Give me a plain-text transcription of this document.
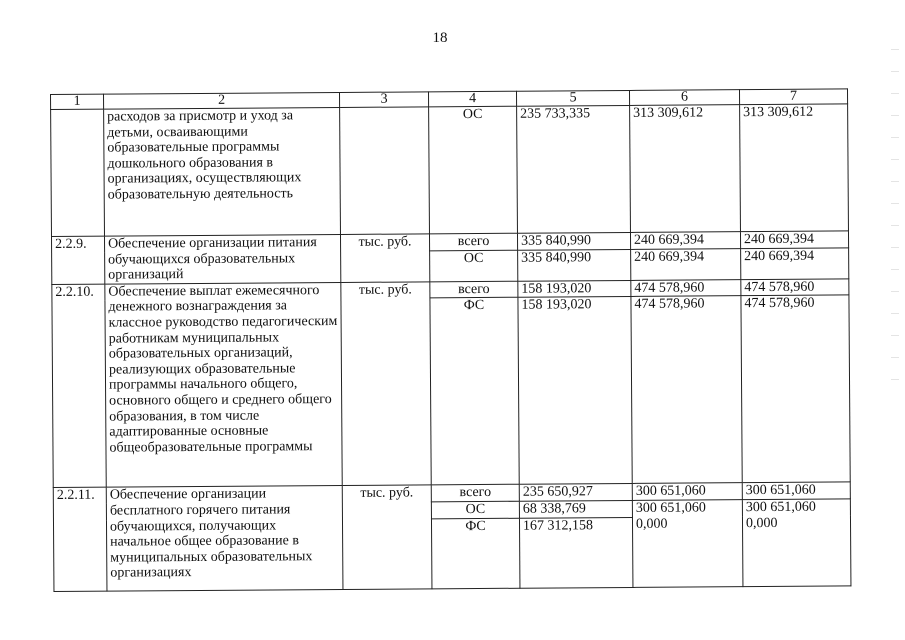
18
1	2	3	4	5	6	7
	расходов за присмотр и уход за детьми, осваивающими образовательные программы дошкольного образования в организациях, осуществляющих образовательную деятельность		ОС	235 733,335	313 309,612	313 309,612
2.2.9.	Обеспечение организации питания обучающихся образовательных организаций	тыс. руб.	всего	335 840,990	240 669,394	240 669,394
			ОС	335 840,990	240 669,394	240 669,394
2.2.10.	Обеспечение выплат ежемесячного денежного вознаграждения за классное руководство педагогическим работникам муниципальных образовательных организаций, реализующих образовательные программы начального общего, основного общего и среднего общего образования, в том числе адаптированные основные общеобразовательные программы	тыс. руб.	всего	158 193,020	474 578,960	474 578,960
			ФС	158 193,020	474 578,960	474 578,960
2.2.11.	Обеспечение организации бесплатного горячего питания обучающихся, получающих начальное общее образование в муниципальных образовательных организациях	тыс. руб.	всего	235 650,927	300 651,060	300 651,060
			ОС	68 338,769	300 651,060	300 651,060
			ФС	167 312,158	0,000	0,000
